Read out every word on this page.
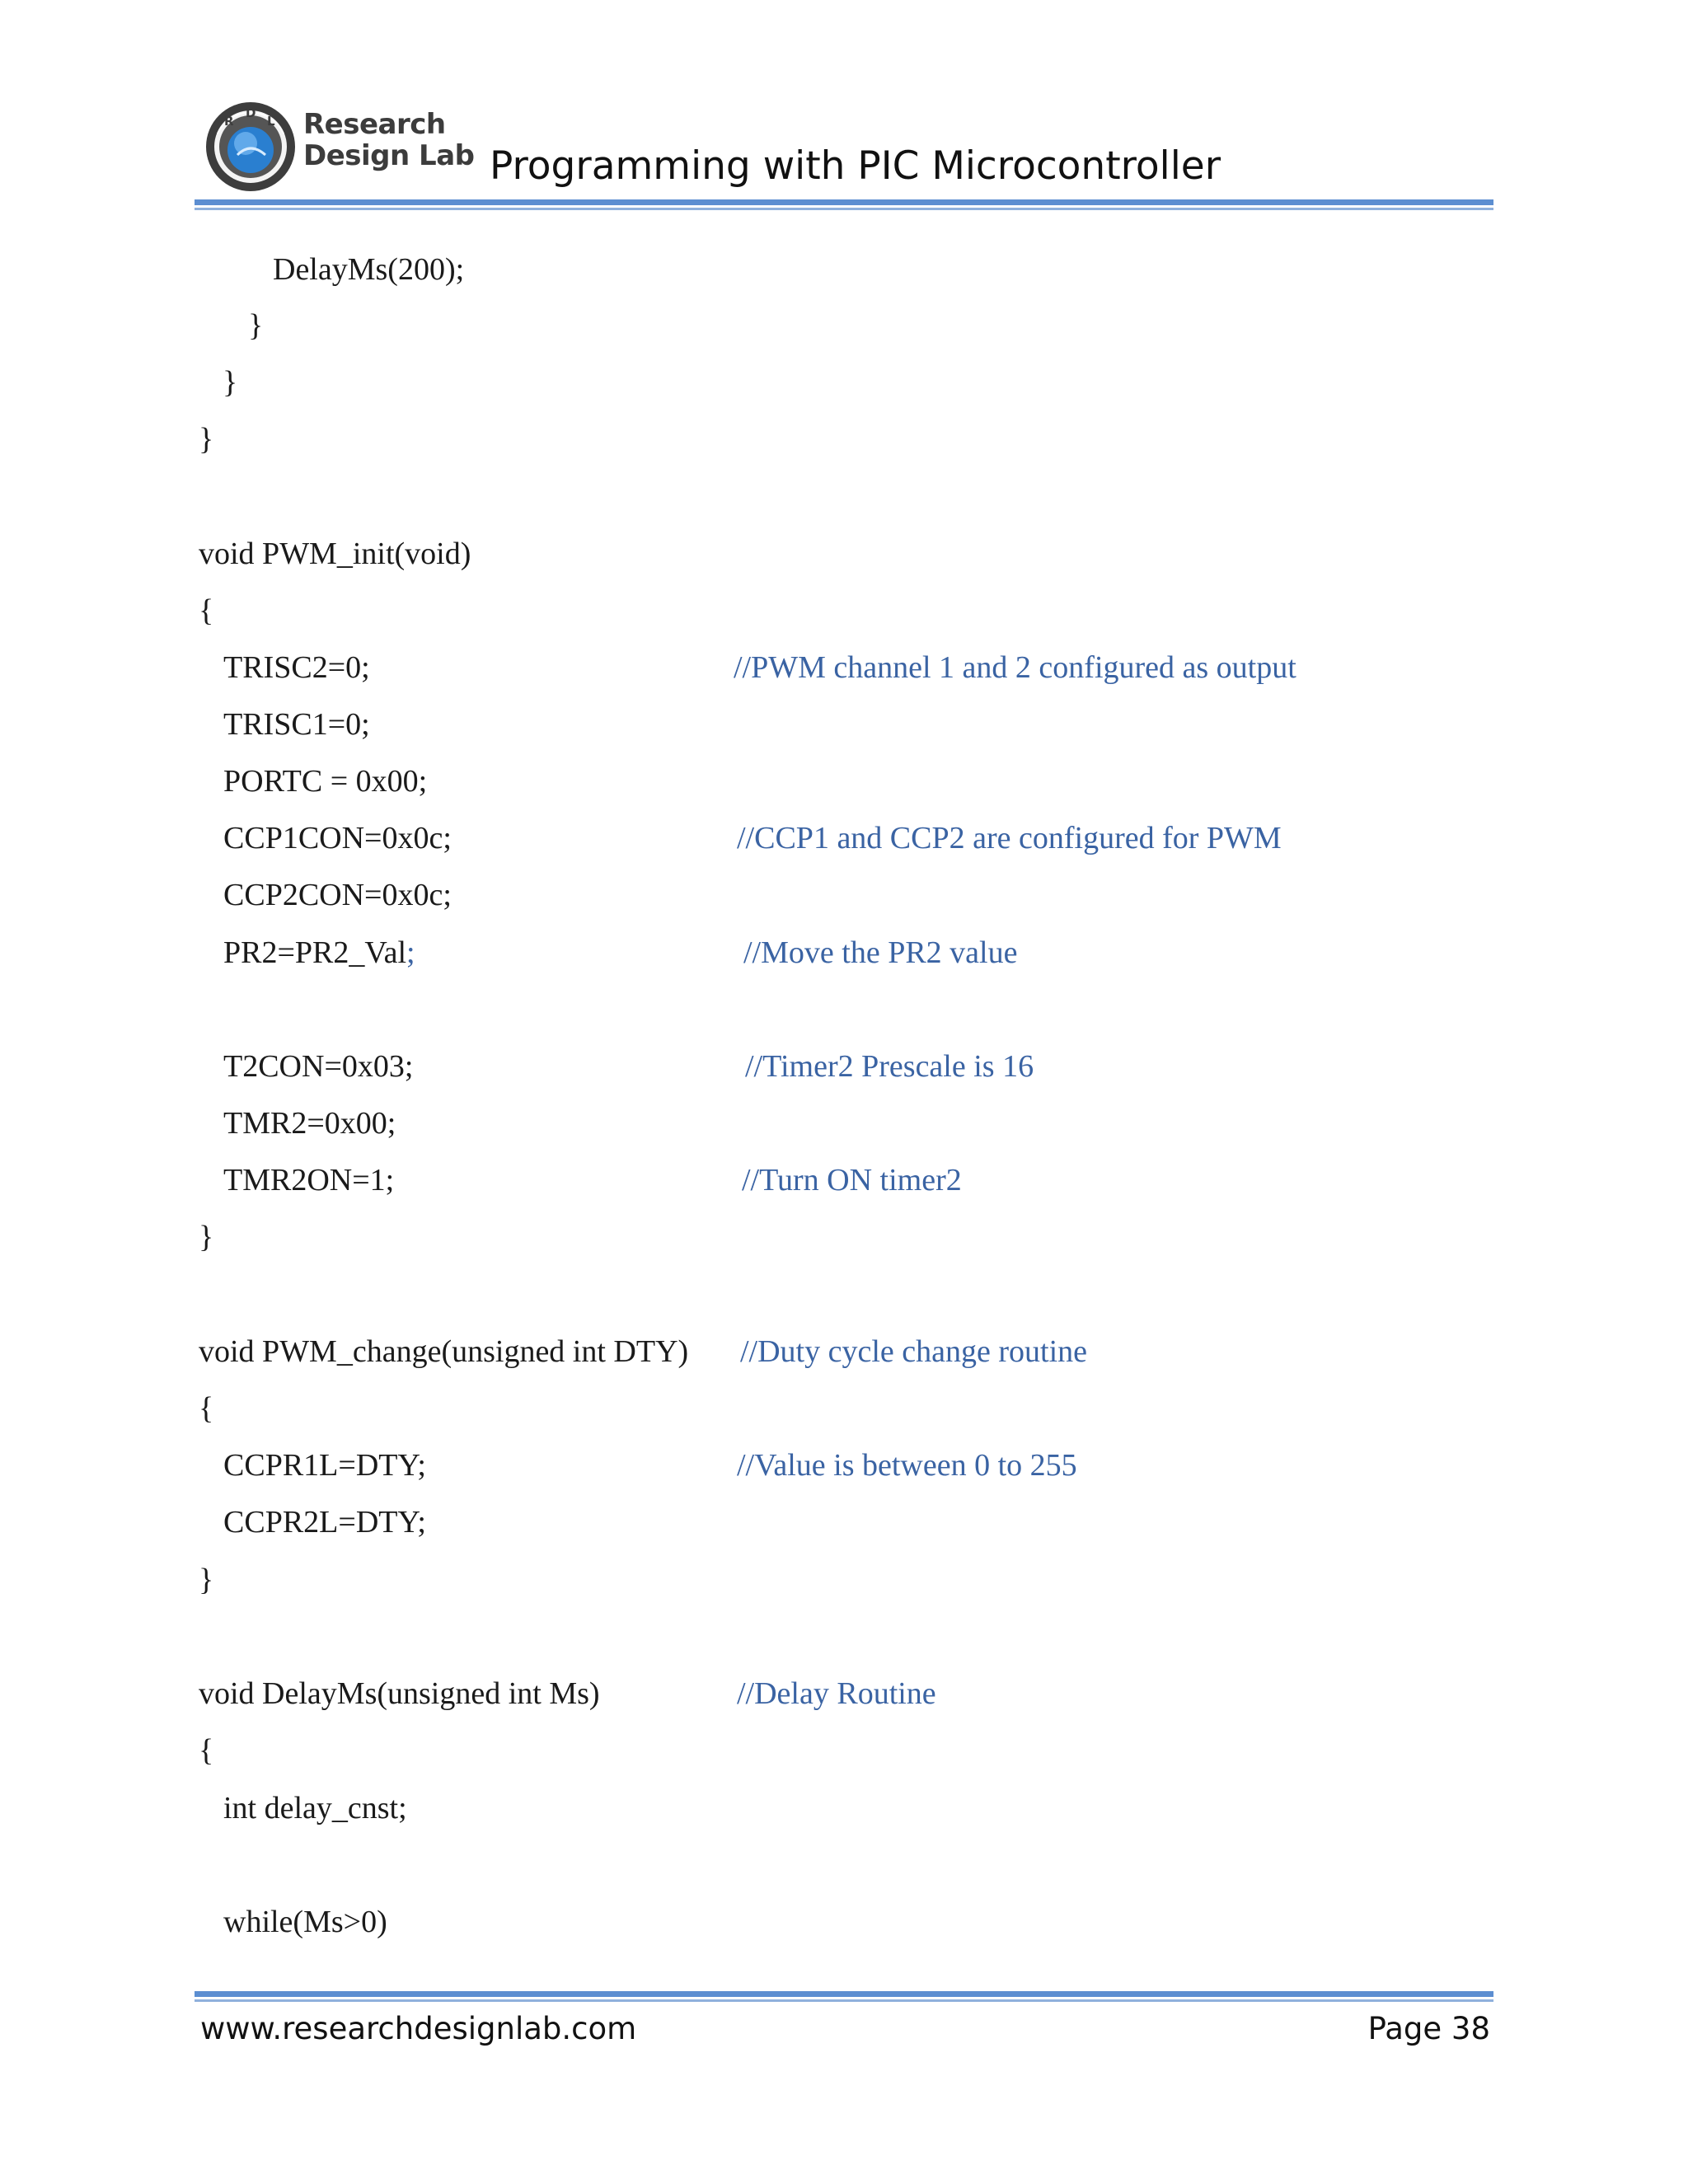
R
D
L Research
Design Lab Programming with PIC Microcontroller
DelayMs(200);
}
}
}
void PWM_init(void)
{
TRISC2=0;	//PWM channel 1 and 2 configured as output
TRISC1=0;
PORTC = 0x00;
CCP1CON=0x0c;	//CCP1 and CCP2 are configured for PWM
CCP2CON=0x0c;
PR2=PR2_Val;	//Move the PR2 value
T2CON=0x03;	//Timer2 Prescale is 16
TMR2=0x00;
TMR2ON=1;	//Turn ON timer2
}
void PWM_change(unsigned int DTY) //Duty cycle change routine
{
CCPR1L=DTY;	//Value is between 0 to 255
CCPR2L=DTY;
}
void DelayMs(unsigned int Ms)	//Delay Routine
{
int delay_cnst;
while(Ms>0)
www.researchdesignlab.com	Page 38
